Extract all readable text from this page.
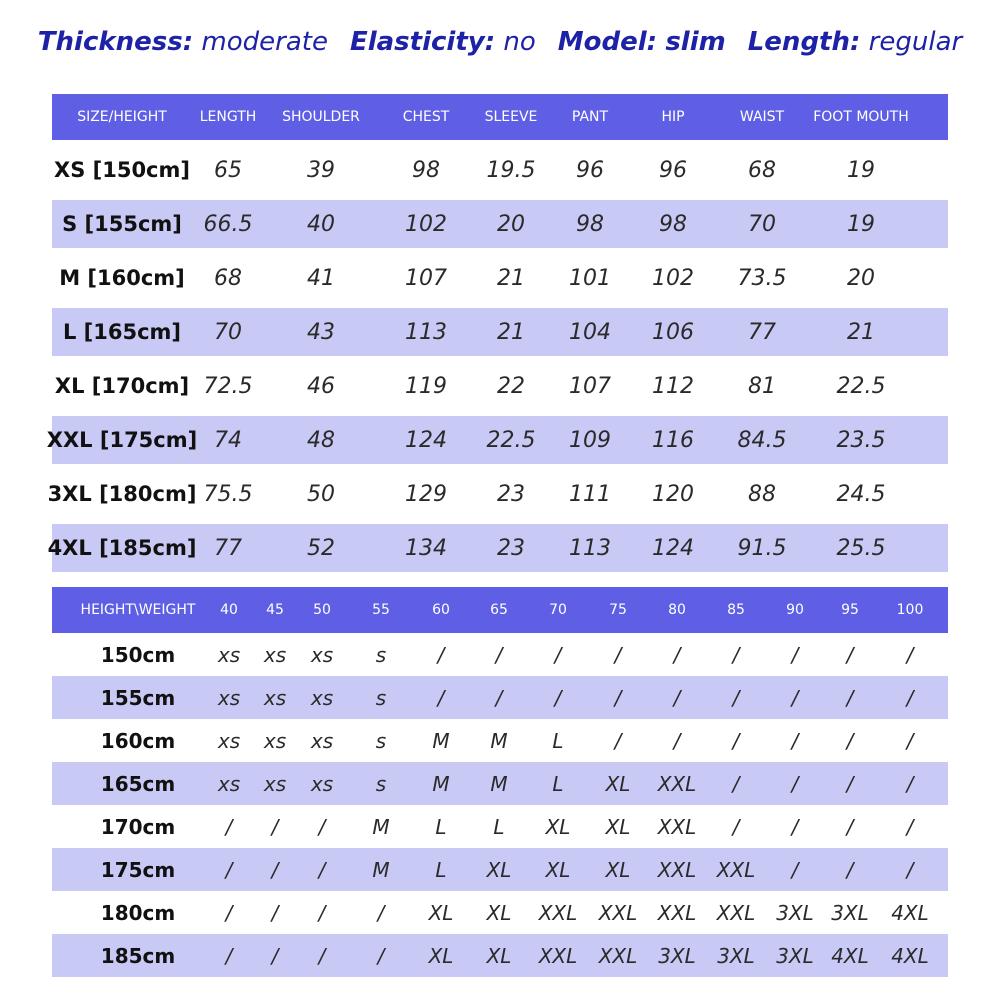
Thickness: moderate Elasticity: no Model: slim Length: regular
SIZE/HEIGHT LENGTH SHOULDER	CHEST	SLEEVE PANT	HIP	WAIST FOOT MOUTH
XS [150cm] 65	39	98 19.5 96	96	68	19
S [155cm] 66.5 40	102 20 98	98	70	19
M [160cm] 68	41	107 21 101 102 73.5	20
L [165cm] 70	43	113 21 104 106 77	21
XL [170cm] 72.5 46	119 22 107 112 81	22.5
XXL [175cm] 74	48	124 22.5 109 116 84.5 23.5
3XL [180cm] 75.5 50	129 23 111 120 88	24.5
4XL [185cm] 77	52	134 23 113 124 91.5 25.5
HEIGHT\WEIGHT 40 45 50	55	60	65	70	75	80	85	90	95	100
150cm xs xs xs s	/	/	/	/	/	/	/ /	/
155cm xs xs xs s	/	/	/	/	/	/	/ /	/
160cm xs xs xs s M M L	/	/	/	/ /	/
165cm xs xs xs s M M L XL XXL /	/ /	/
170cm	/ / / M L L XL XL XXL /	/ /	/
175cm	/ / / M L XL XL XL XXL XXL / /	/
180cm	/ / /	/ XL XL XXL XXL XXL XXL 3XL 3XL 4XL
185cm	/ / /	/ XL XL XXL XXL 3XL 3XL 3XL 4XL 4XL
